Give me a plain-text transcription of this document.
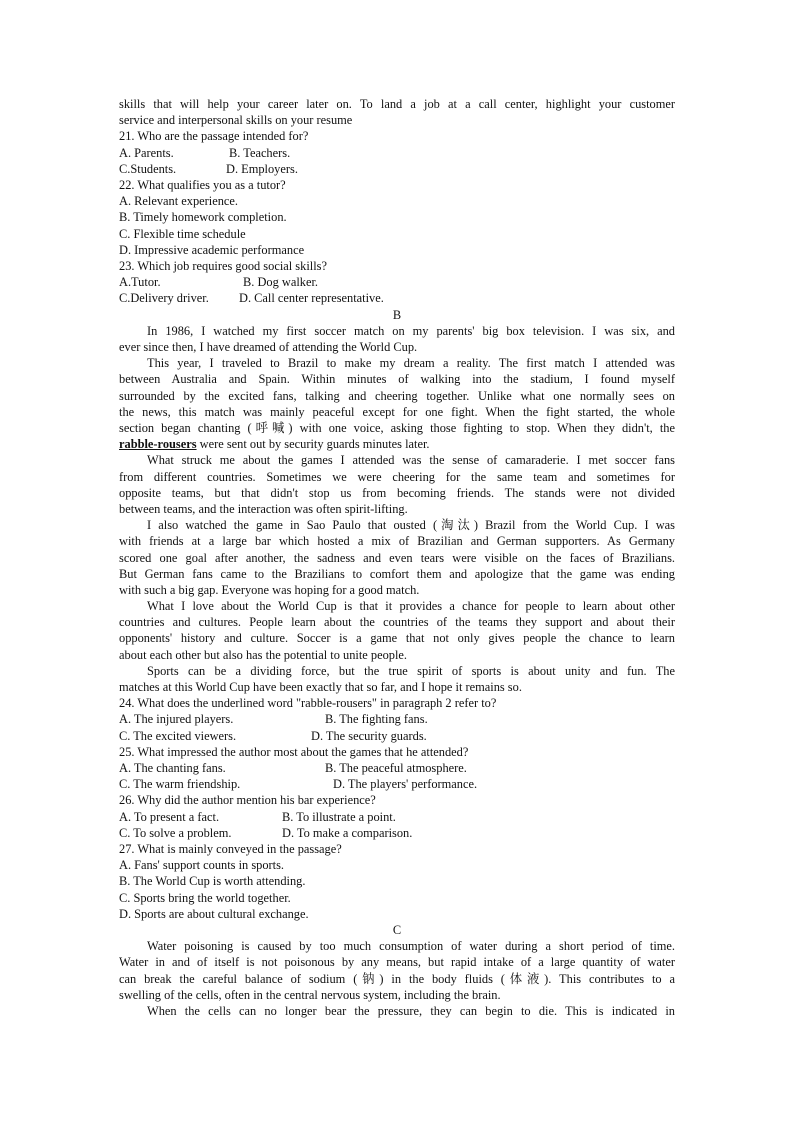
skills that will help your career later on. To land a job at a call center, highlight your customer
service and interpersonal skills on your resume
21. Who are the passage intended for?
A. Parents.	B. Teachers.
C.Students.	D. Employers.
22. What qualifies you as a tutor?
A. Relevant experience.
B. Timely homework completion.
C. Flexible time schedule
D. Impressive academic performance
23. Which job requires good social skills?
A.Tutor.	B. Dog walker.
C.Delivery driver.	D. Call center representative.
B
In 1986, I watched my first soccer match on my parents' big box television. I was six, and
ever since then, I have dreamed of attending the World Cup.
This year, I traveled to Brazil to make my dream a reality. The first match I attended was
between Australia and Spain. Within minutes of walking into the stadium, I found myself
surrounded by the excited fans, talking and cheering together. Unlike what one normally sees on
the news, this match was mainly peaceful except for one fight. When the fight started, the whole
section began chanting (呼喊) with one voice, asking those fighting to stop. When they didn't, the
rabble-rousers were sent out by security guards minutes later.
What struck me about the games I attended was the sense of camaraderie. I met soccer fans
from different countries. Sometimes we were cheering for the same team and sometimes for
opposite teams, but that didn't stop us from becoming friends. The stands were not divided
between teams, and the interaction was often spirit-lifting.
I also watched the game in Sao Paulo that ousted (淘汰) Brazil from the World Cup. I was
with friends at a large bar which hosted a mix of Brazilian and German supporters. As Germany
scored one goal after another, the sadness and even tears were visible on the faces of Brazilians.
But German fans came to the Brazilians to comfort them and apologize that the game was ending
with such a big gap. Everyone was hoping for a good match.
What I love about the World Cup is that it provides a chance for people to learn about other
countries and cultures. People learn about the countries of the teams they support and about their
opponents' history and culture. Soccer is a game that not only gives people the chance to learn
about each other but also has the potential to unite people.
Sports can be a dividing force, but the true spirit of sports is about unity and fun. The
matches at this World Cup have been exactly that so far, and I hope it remains so.
24. What does the underlined word "rabble-rousers" in paragraph 2 refer to?
A. The injured players.	B. The fighting fans.
C. The excited viewers.	D. The security guards.
25. What impressed the author most about the games that he attended?
A. The chanting fans.	B. The peaceful atmosphere.
C. The warm friendship.	D. The players' performance.
26. Why did the author mention his bar experience?
A. To present a fact.	B. To illustrate a point.
C. To solve a problem.	D. To make a comparison.
27. What is mainly conveyed in the passage?
A. Fans' support counts in sports.
B. The World Cup is worth attending.
C. Sports bring the world together.
D. Sports are about cultural exchange.
C
Water poisoning is caused by too much consumption of water during a short period of time.
Water in and of itself is not poisonous by any means, but rapid intake of a large quantity of water
can break the careful balance of sodium (钠) in the body fluids (体液). This contributes to a
swelling of the cells, often in the central nervous system, including the brain.
When the cells can no longer bear the pressure, they can begin to die. This is indicated in
